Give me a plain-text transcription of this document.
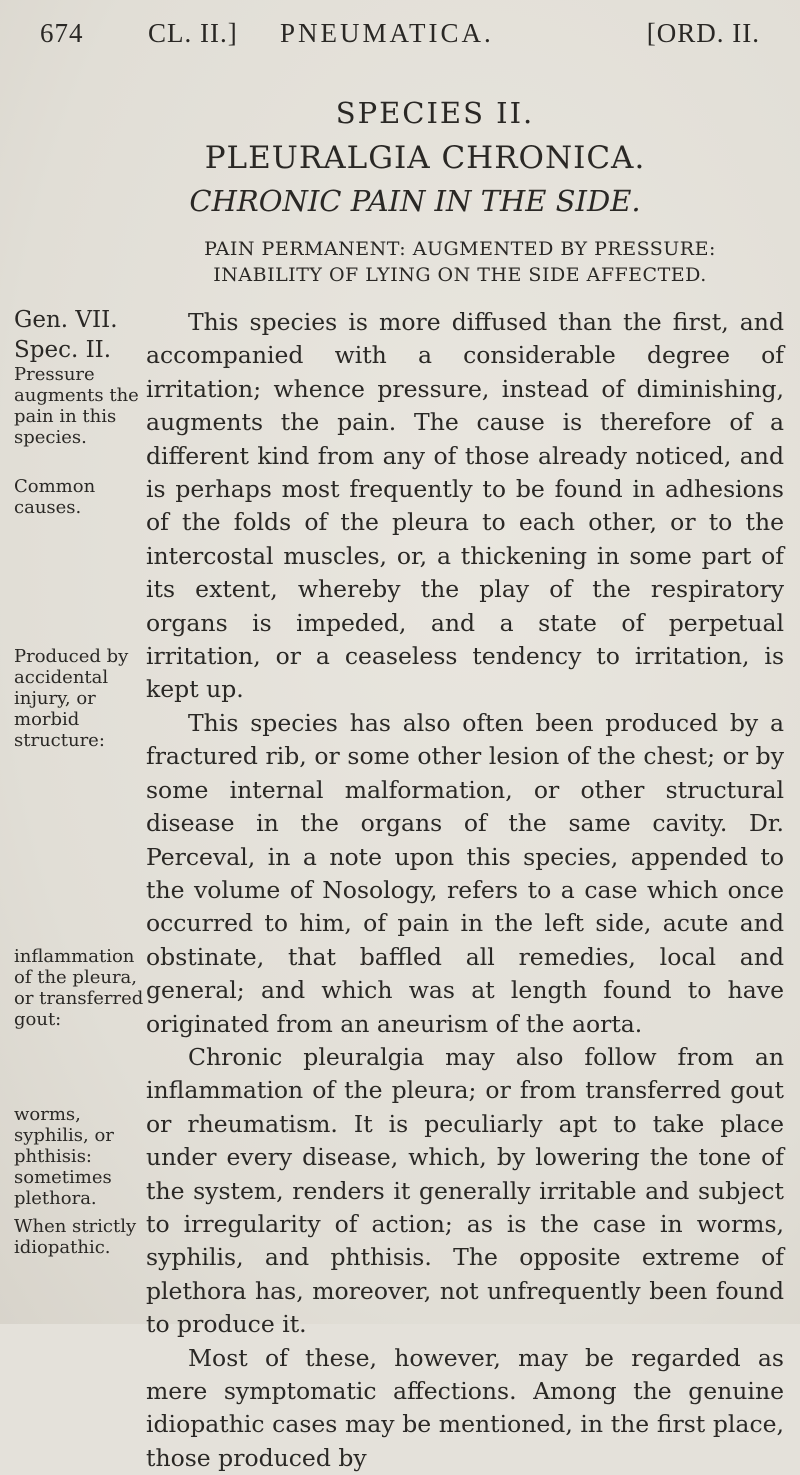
674 CL. II.] PNEUMATICA.	[ORD. II.
SPECIES II.
PLEURALGIA CHRONICA.
CHRONIC PAIN IN THE SIDE.
PAIN PERMANENT: AUGMENTED BY PRESSURE: INABILITY OF LYING ON THE SIDE AFFECTED.
Gen. VII.
Spec. II.
Pressure augments the pain in this species.
Common causes.
Produced by accidental injury, or morbid structure:
inflammation of the pleura, or transferred gout:
worms, syphilis, or phthisis: sometimes plethora.
When strictly idiopathic.

This species is more diffused than the first, and accompanied with a considerable degree of irritation; whence pressure, instead of diminishing, augments the pain. The cause is therefore of a different kind from any of those already noticed, and is perhaps most frequently to be found in adhesions of the folds of the pleura to each other, or to the intercostal muscles, or, a thickening in some part of its extent, whereby the play of the respiratory organs is impeded, and a state of perpetual irritation, or a ceaseless tendency to irritation, is kept up.

This species has also often been produced by a fractured rib, or some other lesion of the chest; or by some internal malformation, or other structural disease in the organs of the same cavity. Dr. Perceval, in a note upon this species, appended to the volume of Nosology, refers to a case which once occurred to him, of pain in the left side, acute and obstinate, that baffled all remedies, local and general; and which was at length found to have originated from an aneurism of the aorta.

Chronic pleuralgia may also follow from an inflammation of the pleura; or from transferred gout or rheumatism. It is peculiarly apt to take place under every disease, which, by lowering the tone of the system, renders it generally irritable and subject to irregularity of action; as is the case in worms, syphilis, and phthisis. The opposite extreme of plethora has, moreover, not unfrequently been found to produce it.

Most of these, however, may be regarded as mere symptomatic affections. Among the genuine idiopathic cases may be mentioned, in the first place, those produced by
